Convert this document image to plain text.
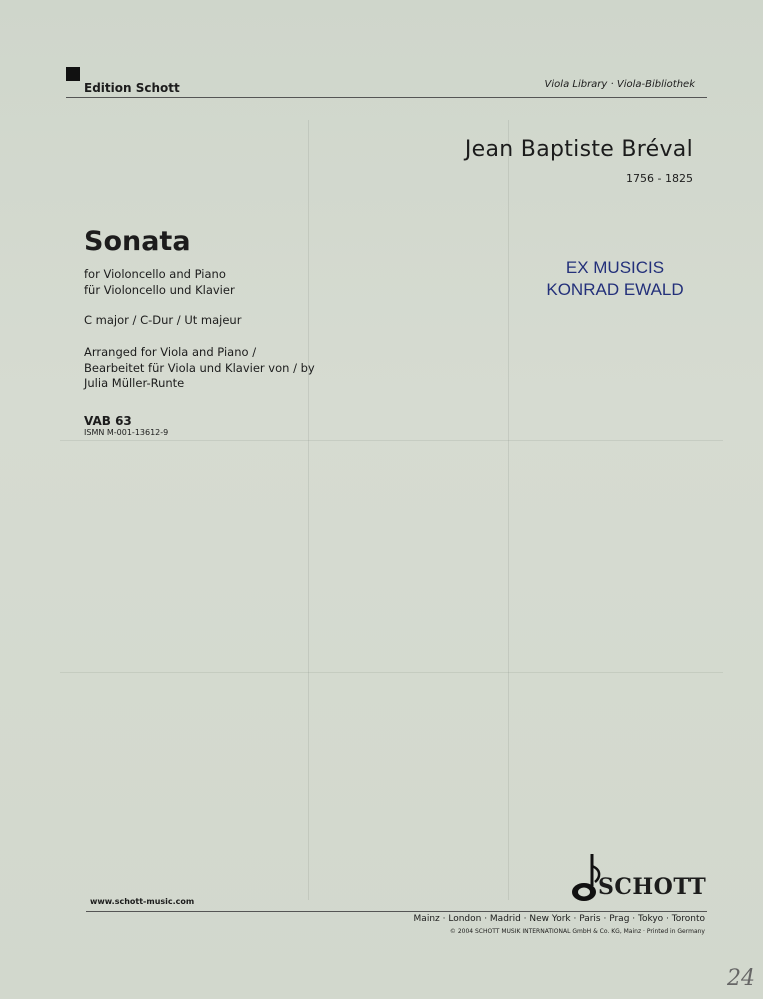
Edition Schott	Viola Library · Viola-Bibliothek
Jean Baptiste Bréval
1756 - 1825
EX MUSICIS
KONRAD EWALD
Sonata
for Violoncello and Piano
für Violoncello und Klavier
C major / C-Dur / Ut majeur
Arranged for Viola and Piano /
Bearbeitet für Viola und Klavier von / by
Julia Müller-Runte
VAB 63
ISMN M-001-13612-9
SCHOTT
www.schott-music.com
Mainz · London · Madrid · New York · Paris · Prag · Tokyo · Toronto
© 2004 SCHOTT MUSIK INTERNATIONAL GmbH & Co. KG, Mainz · Printed in Germany
24
